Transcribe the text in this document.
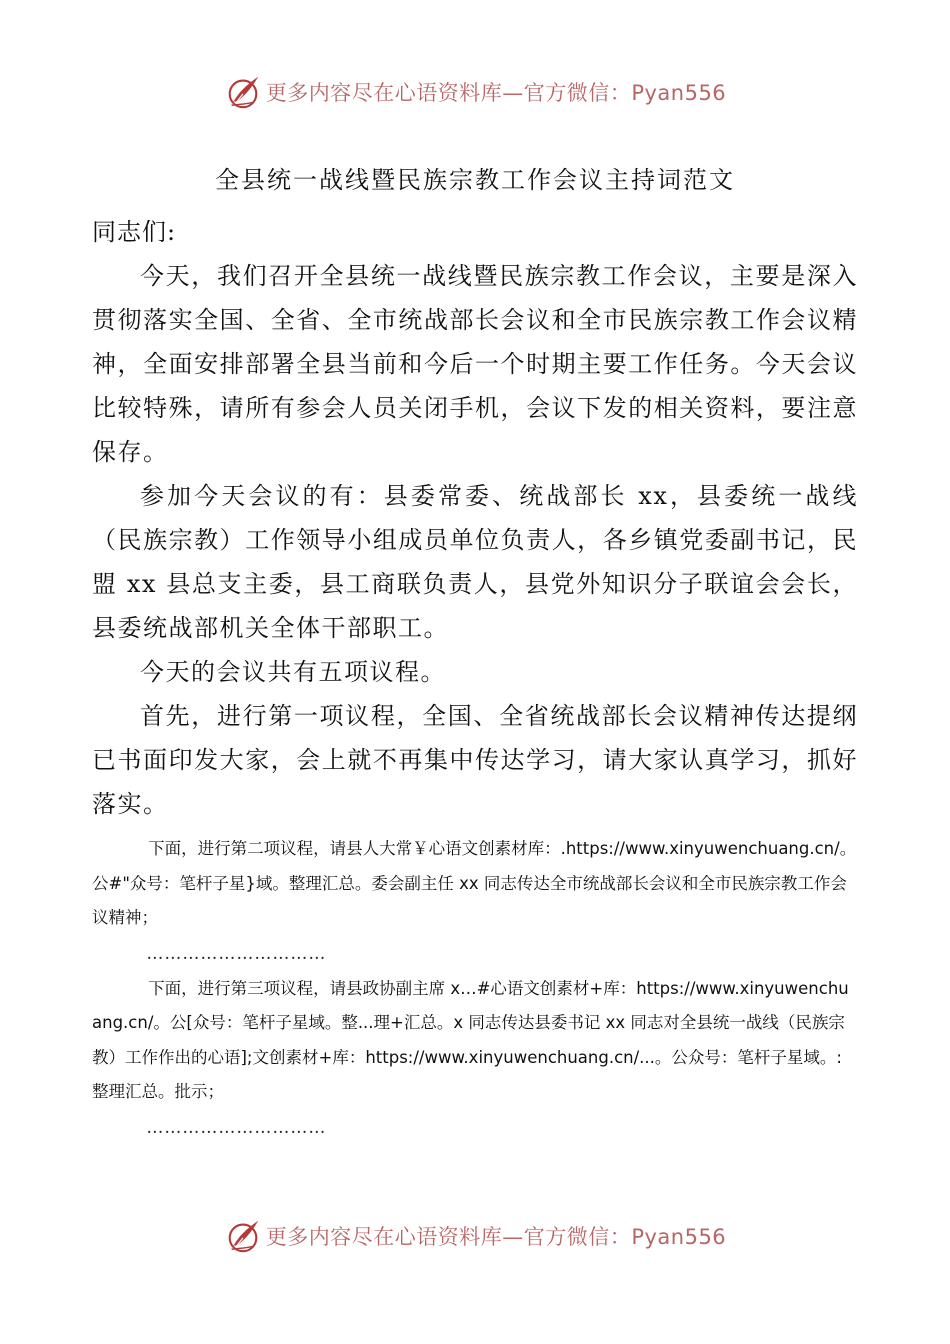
更多内容尽在心语资料库—官方微信：Pyan556
全县统一战线暨民族宗教工作会议主持词范文

同志们:

今天，我们召开全县统一战线暨民族宗教工作会议，主要是深入贯彻落实全国、全省、全市统战部长会议和全市民族宗教工作会议精神，全面安排部署全县当前和今后一个时期主要工作任务。今天会议比较特殊，请所有参会人员关闭手机，会议下发的相关资料，要注意保存。

参加今天会议的有：县委常委、统战部长 xx，县委统一战线（民族宗教）工作领导小组成员单位负责人，各乡镇党委副书记，民盟 xx 县总支主委，县工商联负责人，县党外知识分子联谊会会长，县委统战部机关全体干部职工。

今天的会议共有五项议程。

首先，进行第一项议程，全国、全省统战部长会议精神传达提纲已书面印发大家，会上就不再集中传达学习，请大家认真学习，抓好落实。

下面，进行第二项议程，请县人大常￥心语文创素材库：.https://www.xinyuwenchuang.cn/。公#"众号：笔杆子星}域。整理汇总。委会副主任 xx 同志传达全市统战部长会议和全市民族宗教工作会议精神；

…………………………

下面，进行第三项议程，请县政协副主席 x…#心语文创素材+库：https://www.xinyuwenchuang.cn/。公[众号：笔杆子星域。整...理+汇总。x 同志传达县委书记 xx 同志对全县统一战线（民族宗教）工作作出的心语];文创素材+库：https://www.xinyuwenchuang.cn/...。公众号：笔杆子星域。:整理汇总。批示；

…………………………

更多内容尽在心语资料库—官方微信：Pyan556
